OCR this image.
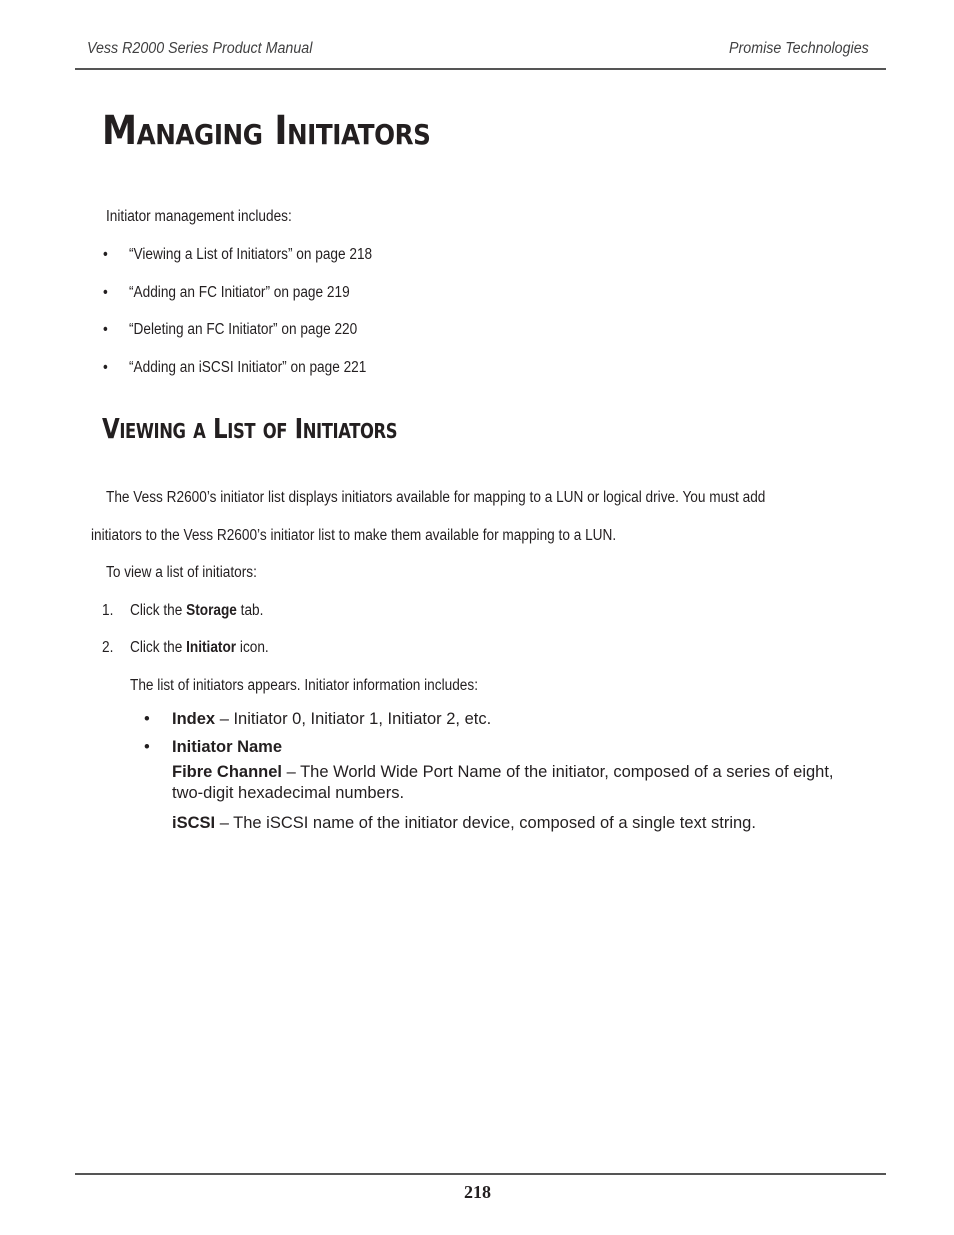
Vess R2000 Series Product Manual	Promise Technologies
Managing Initiators
Initiator management includes:
• “Viewing a List of Initiators” on page 218
• “Adding an FC Initiator” on page 219
• “Deleting an FC Initiator” on page 220
• “Adding an iSCSI Initiator” on page 221
Viewing a List of Initiators
The Vess R2600’s initiator list displays initiators available for mapping to a LUN or logical drive. You must add
initiators to the Vess R2600’s initiator list to make them available for mapping to a LUN.
To view a list of initiators:
1. Click the Storage tab.
2. Click the Initiator icon.
The list of initiators appears. Initiator information includes:
• Index – Initiator 0, Initiator 1, Initiator 2, etc.
• Initiator Name
Fibre Channel – The World Wide Port Name of the initiator, composed of a series of eight,
two-digit hexadecimal numbers.
iSCSI – The iSCSI name of the initiator device, composed of a single text string.
218
